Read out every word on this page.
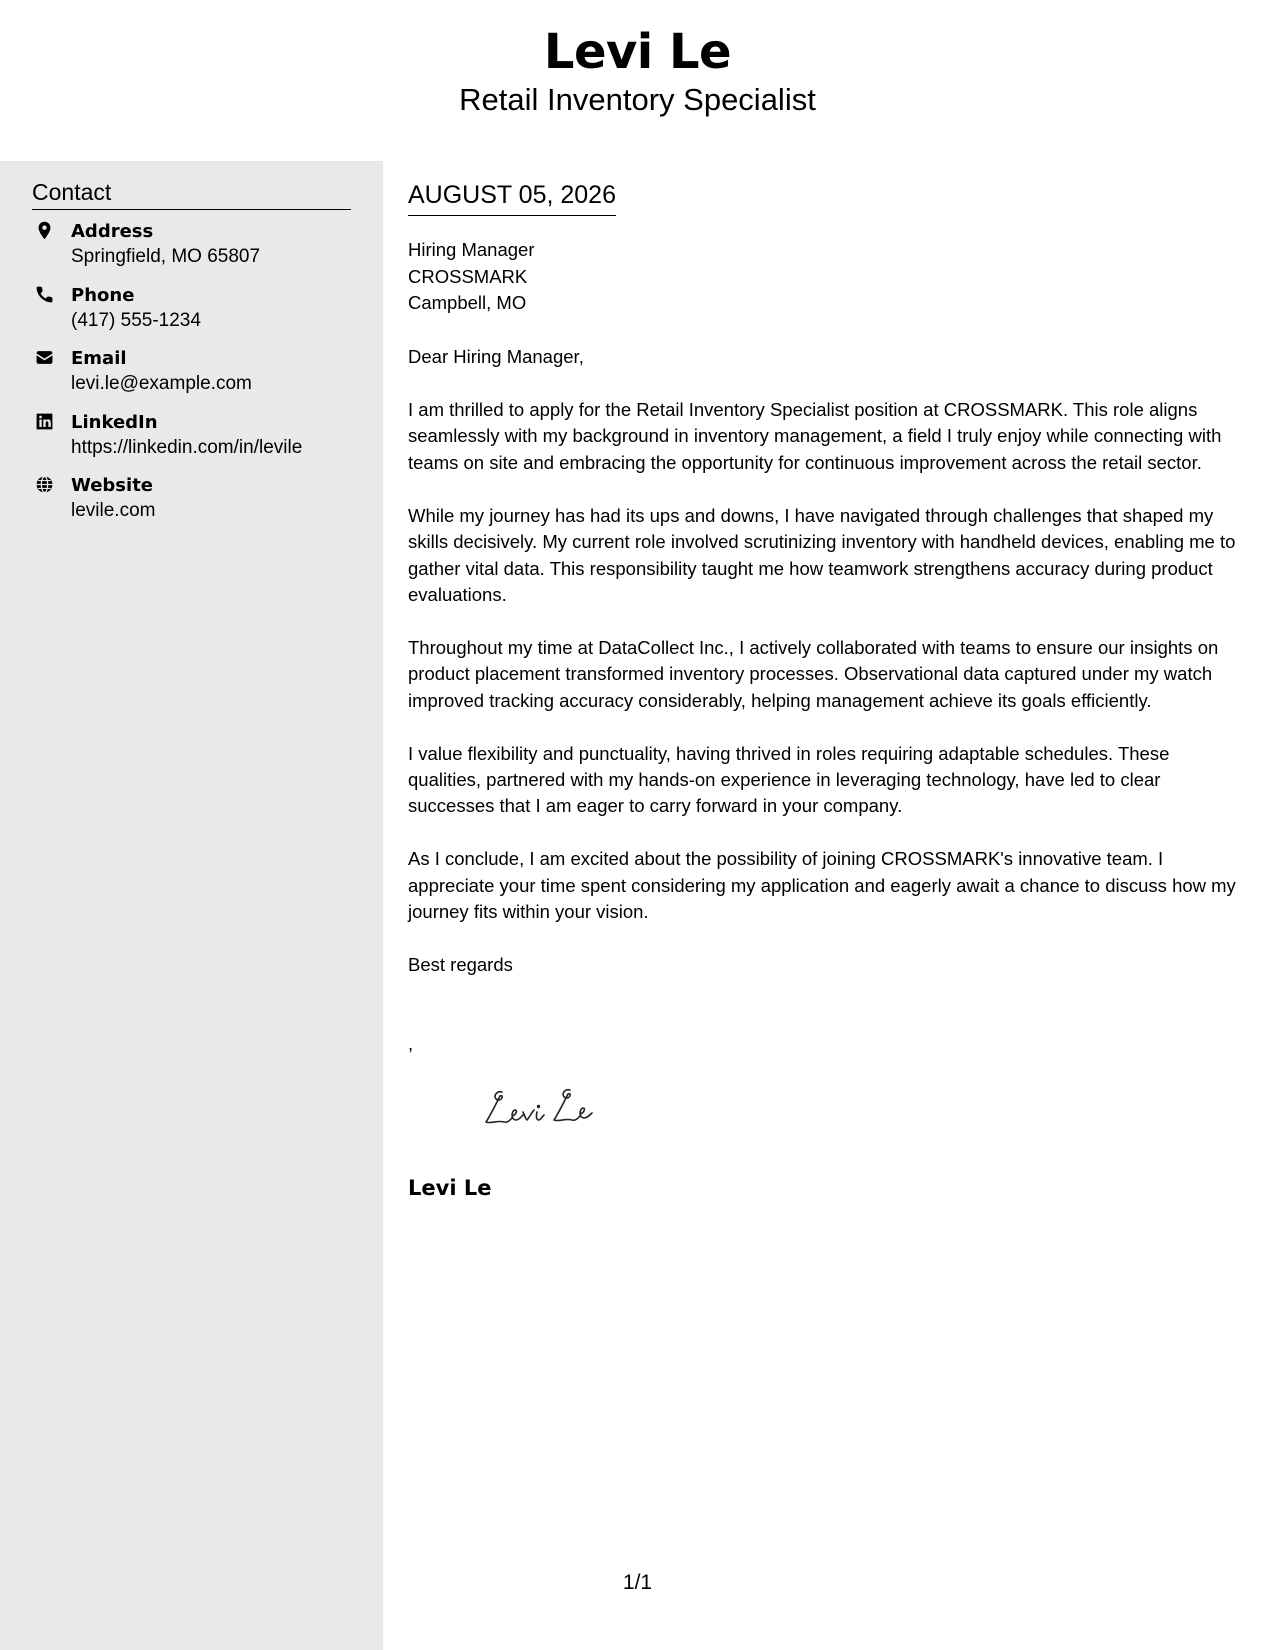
Levi Le
Retail Inventory Specialist
Contact
Address
Springfield, MO 65807
Phone
(417) 555-1234
Email
levi.le@example.com
LinkedIn
https://linkedin.com/in/levile
Website
levile.com
AUGUST 05, 2026
Hiring Manager
CROSSMARK
Campbell, MO
Dear Hiring Manager,

I am thrilled to apply for the Retail Inventory Specialist position at CROSSMARK. This role aligns seamlessly with my background in inventory management, a field I truly enjoy while connecting with teams on site and embracing the opportunity for continuous improvement across the retail sector.

While my journey has had its ups and downs, I have navigated through challenges that shaped my skills decisively. My current role involved scrutinizing inventory with handheld devices, enabling me to gather vital data. This responsibility taught me how teamwork strengthens accuracy during product evaluations.

Throughout my time at DataCollect Inc., I actively collaborated with teams to ensure our insights on product placement transformed inventory processes. Observational data captured under my watch improved tracking accuracy considerably, helping management achieve its goals efficiently.

I value flexibility and punctuality, having thrived in roles requiring adaptable schedules. These qualities, partnered with my hands-on experience in leveraging technology, have led to clear successes that I am eager to carry forward in your company.

As I conclude, I am excited about the possibility of joining CROSSMARK's innovative team. I appreciate your time spent considering my application and eagerly await a chance to discuss how my journey fits within your vision.

Best regards
,
Levi Le
1/1
